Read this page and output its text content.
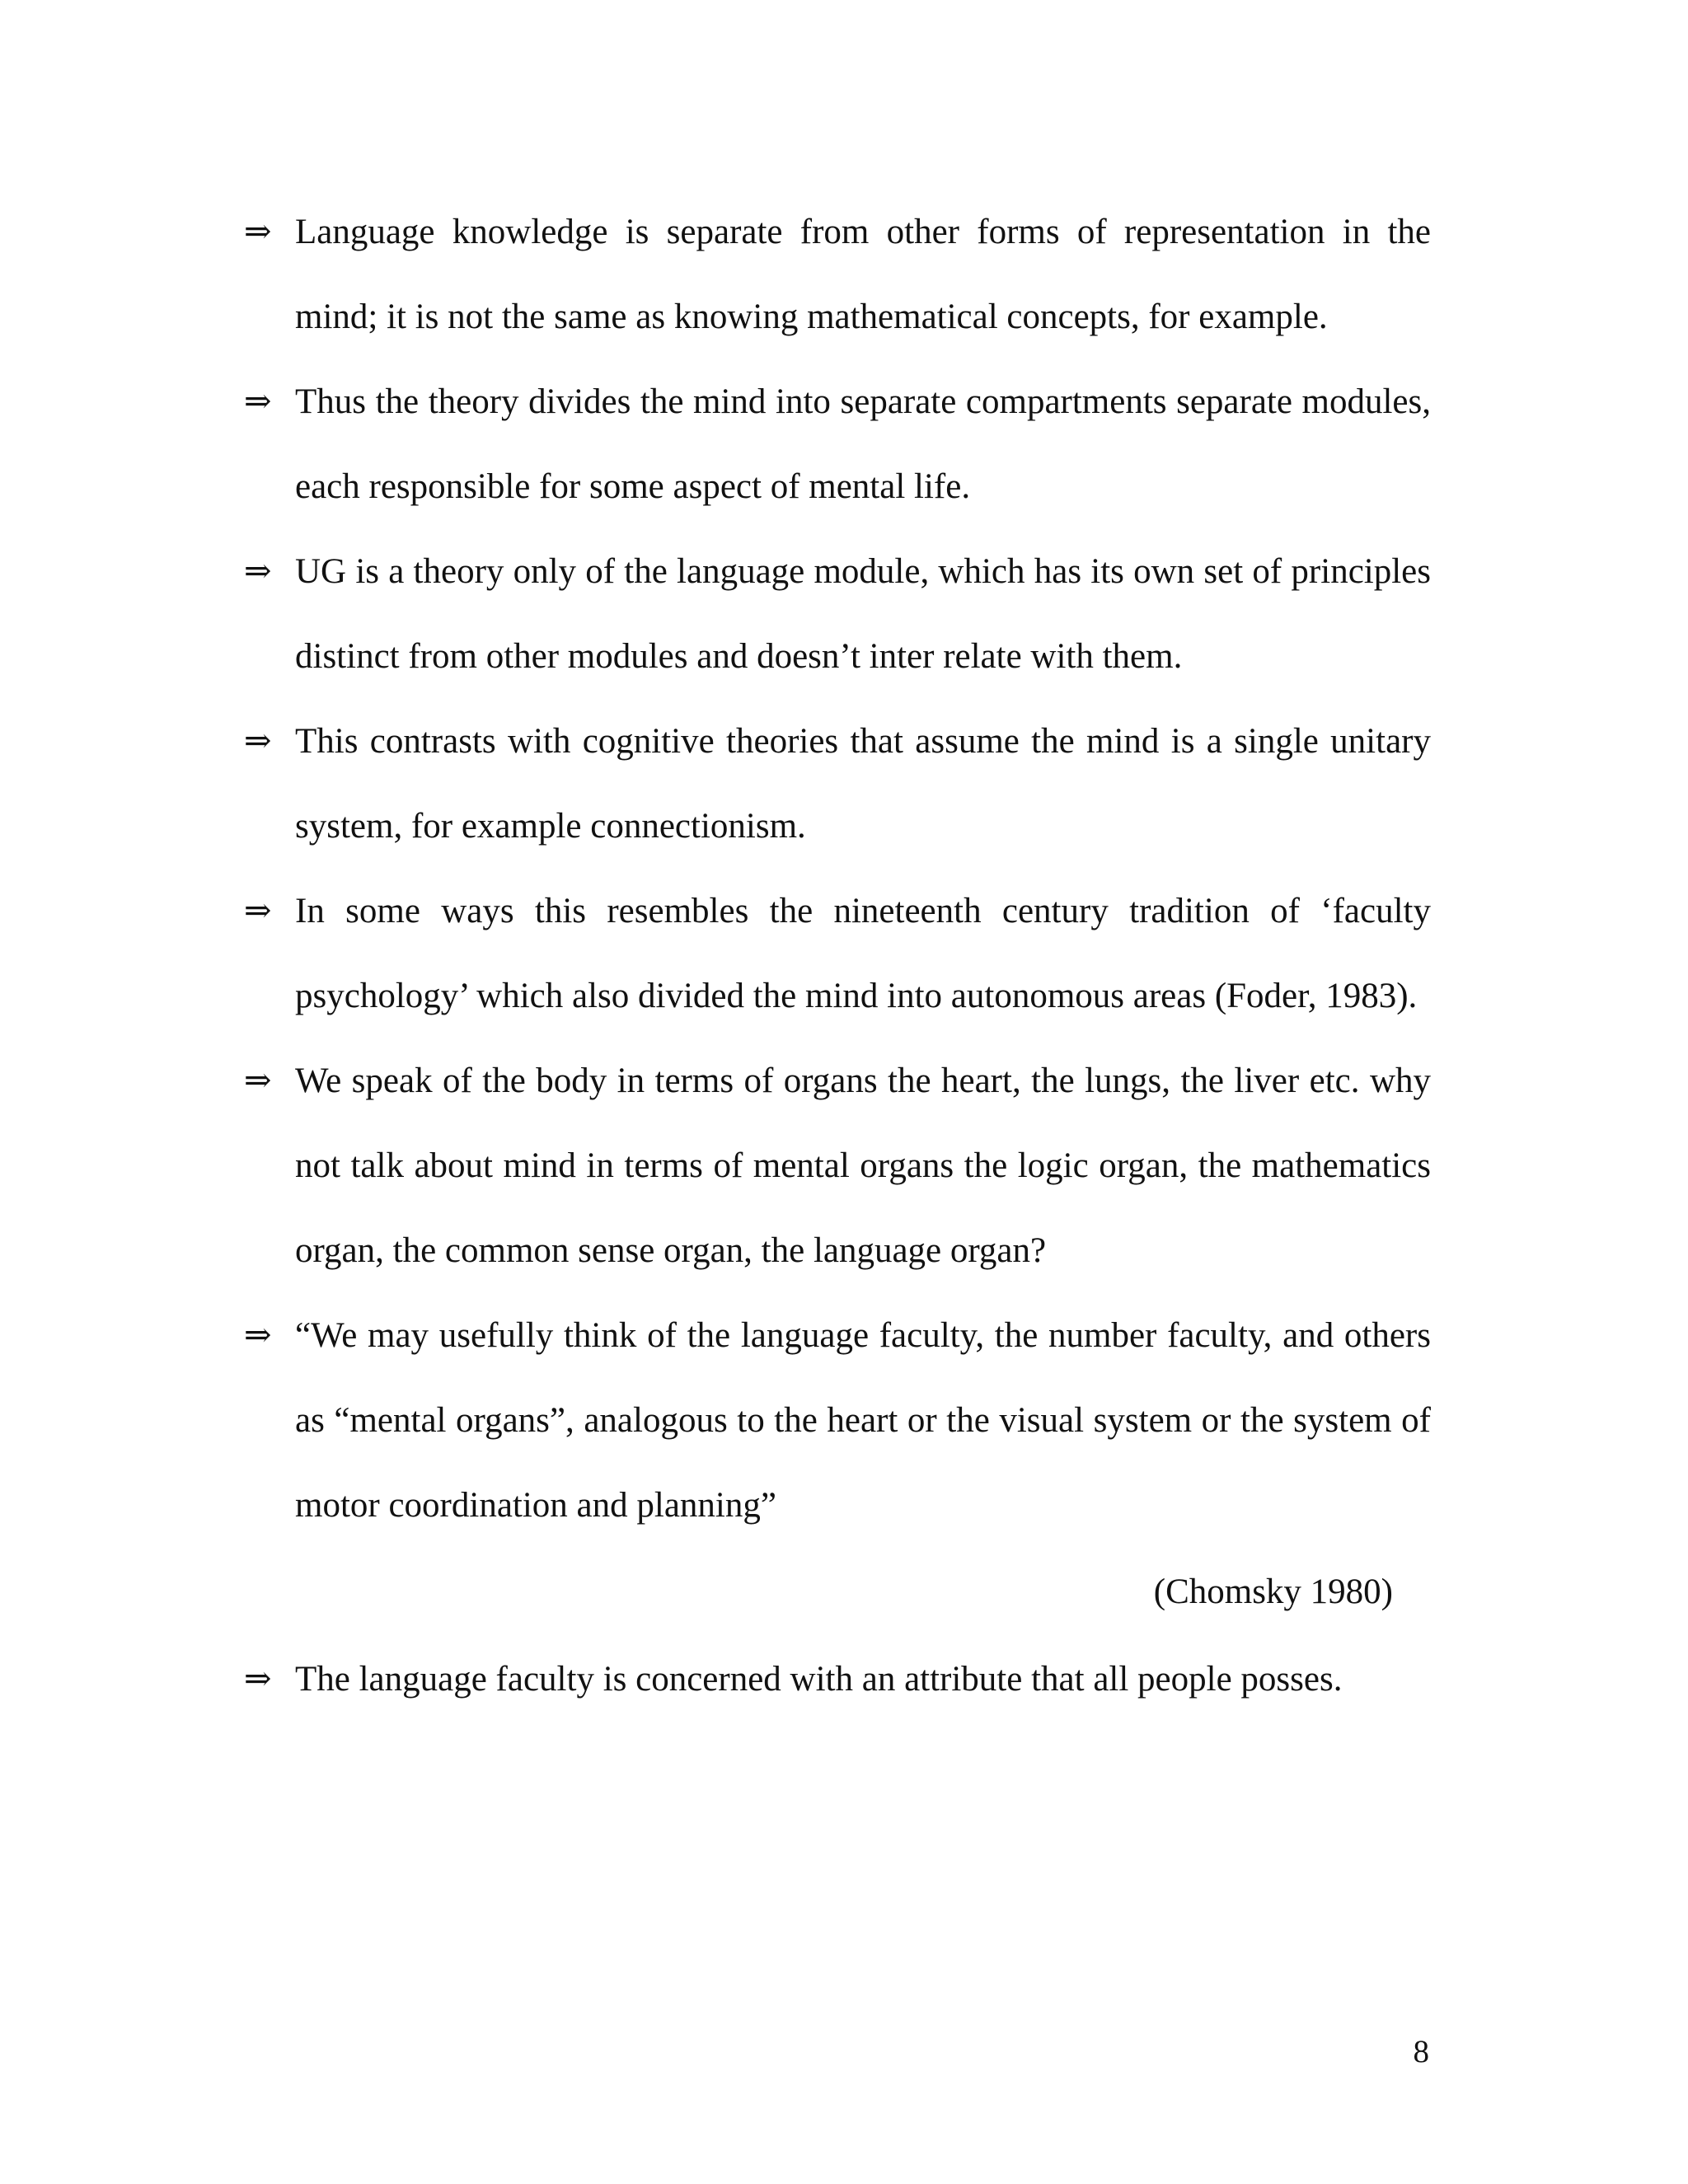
⇒ Language knowledge is separate from other forms of representation in the mind; it is not the same as knowing mathematical concepts, for example.
⇒ Thus the theory divides the mind into separate compartments separate modules, each responsible for some aspect of mental life.
⇒ UG is a theory only of the language module, which has its own set of principles distinct from other modules and doesn’t inter relate with them.
⇒ This contrasts with cognitive theories that assume the mind is a single unitary system, for example connectionism.
⇒ In some ways this resembles the nineteenth century tradition of ‘faculty psychology’ which also divided the mind into autonomous areas (Foder, 1983).
⇒ We speak of the body in terms of organs the heart, the lungs, the liver etc. why not talk about mind in terms of mental organs the logic organ, the mathematics organ, the common sense organ, the language organ?
⇒ “We may usefully think of the language faculty, the number faculty, and others as “mental organs”, analogous to the heart or the visual system or the system of motor coordination and planning”
(Chomsky 1980)
⇒ The language faculty is concerned with an attribute that all people posses.
8
